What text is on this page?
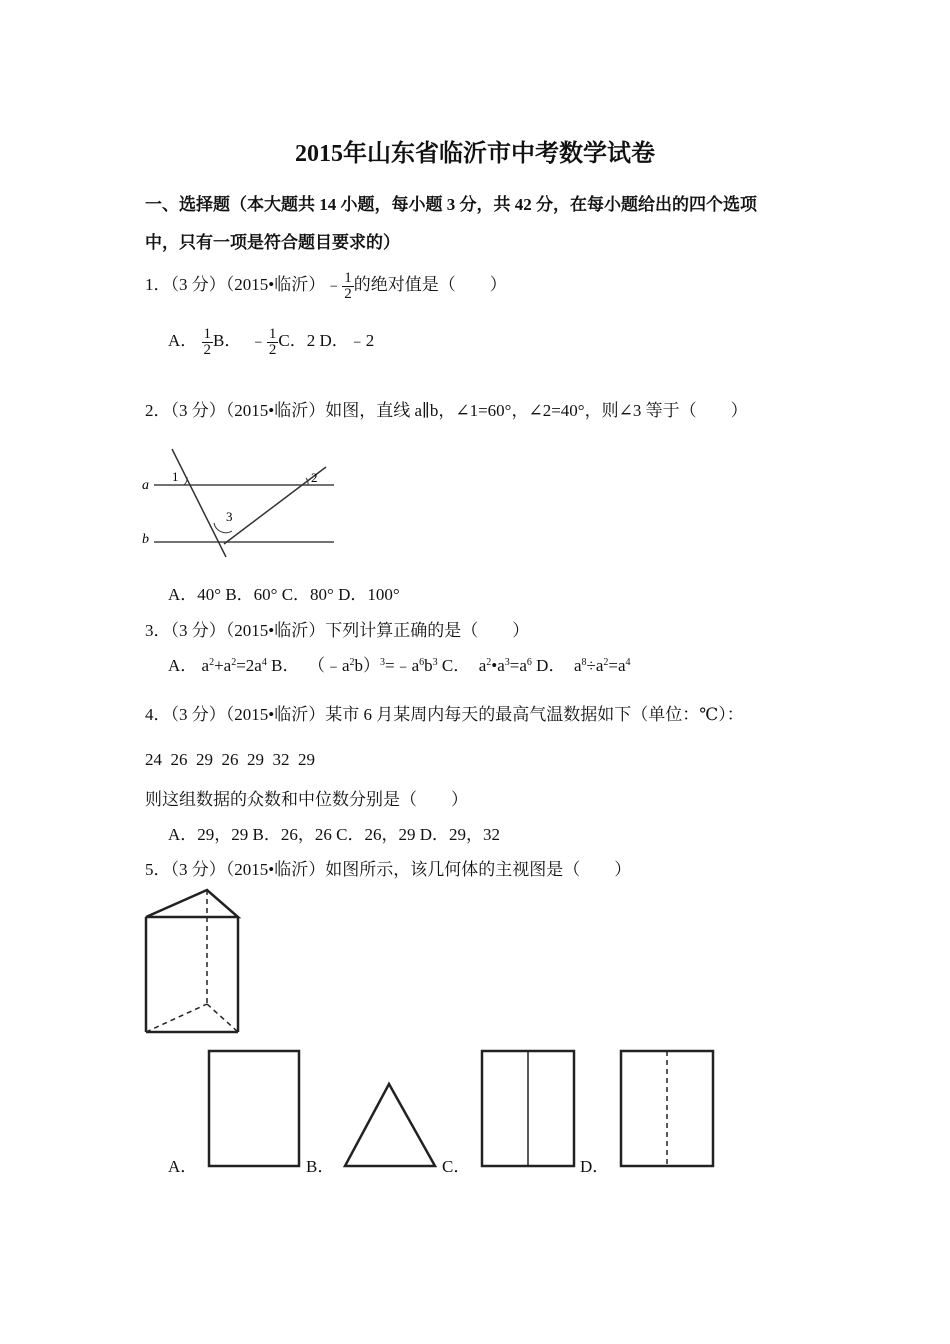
2015年山东省临沂市中考数学试卷
一、选择题（本大题共 14 小题，每小题 3 分，共 42 分，在每小题给出的四个选项
中，只有一项是符合题目要求的）
1．（3 分）（2015•临沂）﹣ $\frac{1}{2}$ 的绝对值是（　　）
A． $\frac{1}{2}$ B． ﹣ $\frac{1}{2}$ C．2 D．﹣2
2．（3 分）（2015•临沂）如图，直线 a∥b，∠1=60°，∠2=40°，则∠3 等于（　　）
a
b
1	2
3
A．40° B．60° C．80° D．100°
3．（3 分）（2015•临沂）下列计算正确的是（　　）
A． $a^2+a^2=2a^4$ B． $(﹣a^2b)^3=﹣a^6b^3$ C． $a^2•a^3=a^6$ D． $a^8\div a^2=a^4$
4．（3 分）（2015•临沂）某市 6 月某周内每天的最高气温数据如下（单位：℃）：
24  26  29  26  29  32  29
则这组数据的众数和中位数分别是（　　）
A．29，29 B．26，26 C．26，29 D．29，32
5．（3 分）（2015•临沂）如图所示，该几何体的主视图是（　　）
A．	B．	C．	D．
